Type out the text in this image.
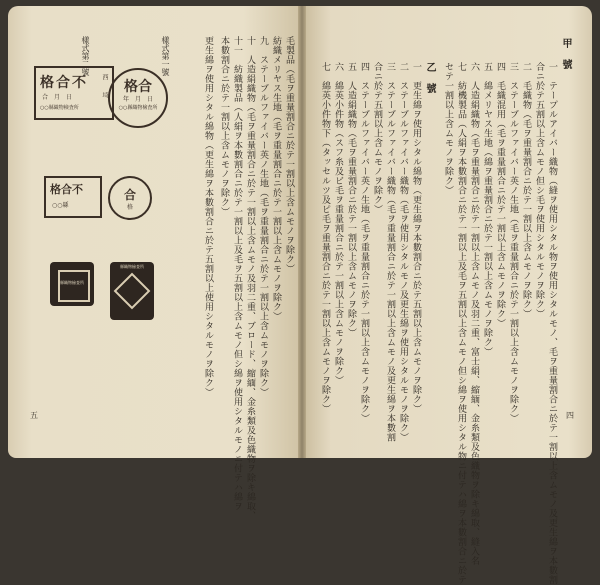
甲　號
一　テープルアイバー織物（縫ヲ使用シタル物ヲ使用シタルモノ、毛ヲ重量割合ニ於テ一割以上含ムモノ及更生綿ヲ本數割
合ニ於テ五割以上含ムモノ但シ毛ヲ使用シタルモノヲ除ク）
二　毛織物（毛ヲ重量割合ニ於テ一割以上含ムモノヲ除ク）
三　ステーブルファイバー英ノ生地（毛ヲ重量割合ニ於テ一割以上含ムモノヲ除ク）
四　毛織混用（毛ヲ重量割合ニ於テ一割以上含ムモノヲ除ク）
五　綿メリヤス生地（綿ヲ重量割合ニ於テ一割以上含ムモノヲ除ク）
六　人造絹織物（毛ヲ重量割合ニ於テ一割以上含ムモノ及羽二重、富士絹、縮緬、金糸類及色織物ヲ除キ綿取、縫入名
七　紡機製品（人絹ヲ本數割合ニ於テ一割以上及毛ヲ五割以上含ムモノ但シ綿ヲ使用シタル物ニ付テハ綿ヲ本數割合ニ於テ
セテ一割以上含ムモノヲ除ク）
乙　號
一　更生綿ヲ使用シタル綿物（更生綿ヲ本數割合ニ於テ五割以上含ムモノヲ除ク）
二　ステーブルファイバー織物（毛ヲ使用シタルモノ及更生綿ヲ使用シタルモノヲ除ク）
三　ステーブルファイバー織物（毛ヲ重量割合ニ於テ一割以上含ムモノ及更生綿ヲ本數割
合ニ於テ五割以上含ムモノヲ除ク）
四　ステーブルファイバー英ノ生地（毛ヲ重量割合ニ於テ一割以上含ムモノヲ除ク）
五　人造絹織物（毛ヲ重量割合ニ於テ一割以上含ムモノヲ除ク）
六　綿英小件物（スフ糸及ビ毛ヲ重量割合ニ於テ一割以上含ムモノヲ除ク）
七　綿英小件物下（タッセルツ及ピ毛ヲ重量割合ニ於テ一割以上含ムモノヲ除ク）
四
毛製品（毛ヲ重量割合ニ於テ一割以上含ムモノヲ除ク）
紡織メリヤス生地（毛ヲ重量割合ニ於テ一割以上含ムモノヲ除ク）
九　ステーブルファイバー英ノ生地（毛ヲ重量割合ニ於テ一割以上含ムモノヲ除ク）
十　人造絹織物（毛ヲ重量割合ニ於テ一割以上含ムモノ及羽二重、ブロード、縮緬、金糸類及色織物ヲ除キ綿取、
十一　紡織製品（人絹ヲ本數割合ニ於テ一割以上及毛ヲ五割以上含ムモノ但シ綿ヲ使用シタルモノニ付テハ綿ヲ
本數割合ニ於テ一割以上含ムモノヲ除ク）
更生綿ヲ使用シタル綿物（更生綿ヲ本數割合ニ於テ五割以上使用シタルモノヲ除ク）
樣式第一號
樣式第二號
格合
年　月　日
○○縣織物檢査所
格合不
合　月　日
○○縣織物檢査所
西　　埼
合
格
格合不
○○縣
縣織物檢査所
縣織物檢査所
五
